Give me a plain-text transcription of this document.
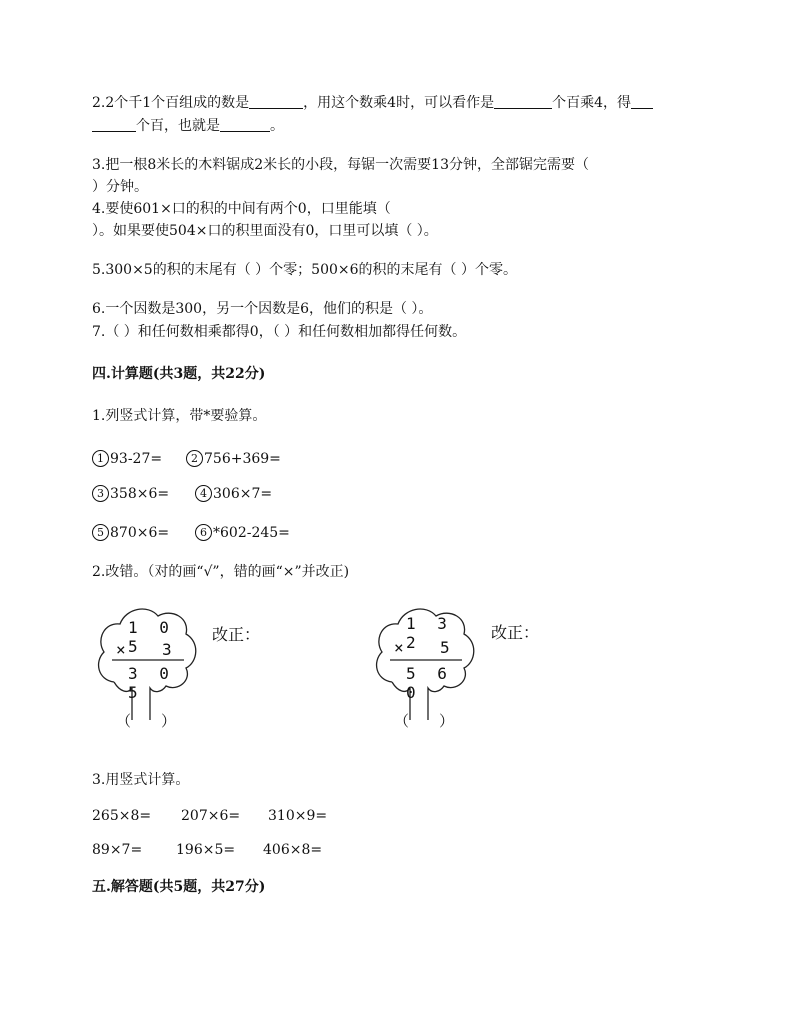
2.2个千1个百组成的数是	，用这个数乘4时，可以看作是	个百乘4，得
个百，也就是	。
3.把一根8米长的木料锯成2米长的小段，每锯一次需要13分钟，全部锯完需要（
）分钟。
4.要使601×口的积的中间有两个0，口里能填（
）。如果要使504×口的积里面没有0，口里可以填（ ）。
5.300×5的积的末尾有（ ）个零；500×6的积的末尾有（ ）个零。
6.一个因数是300，另一个因数是6，他们的积是（ ）。
7.（ ）和任何数相乘都得0，（ ）和任何数相加都得任何数。
四.计算题(共3题，共22分)
1.列竖式计算，带*要验算。
1 93-27=	2 756+369=
3 358×6=	4 306×7=
5 870×6=	6 *602-245=
2.改错。（对的画“√”，错的画“×”并改正)
1 0 5
× 3
3 0 5
（　　）
改正：
1 3 2
× 5
5 6 0
（　　）
改正：
3.用竖式计算。
265×8= 207×6= 310×9=
89×7= 196×5= 406×8=
五.解答题(共5题，共27分)
